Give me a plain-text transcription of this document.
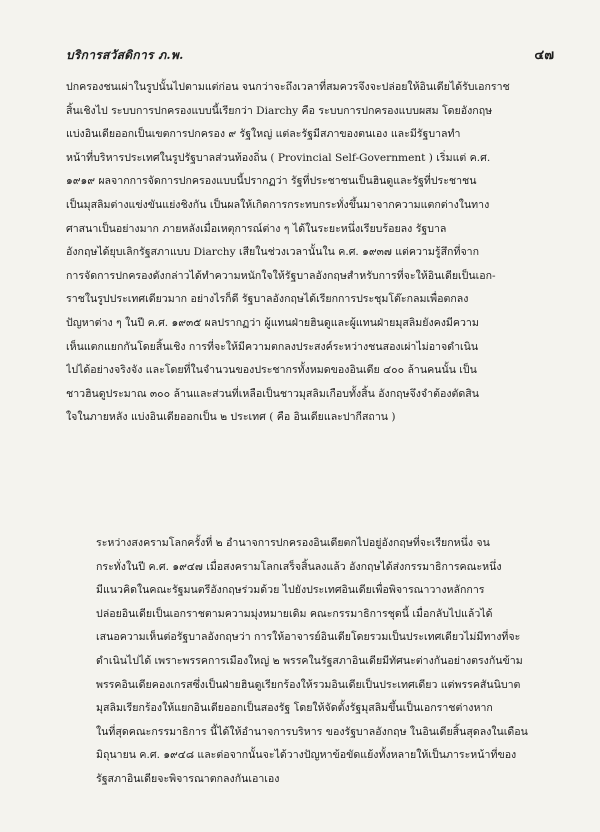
บริการสวัสดิการ ภ.พ.	๔๗

ปกครองชนเผ่าในรูปนั้นไปตามแต่ก่อน จนกว่าจะถึงเวลาที่สมควรจึงจะปล่อยให้อินเดียได้รับเอกราช
สิ้นเชิงไป ระบบการปกครองแบบนี้เรียกว่า Diarchy คือ ระบบการปกครองแบบผสม โดยอังกฤษ
แบ่งอินเดียออกเป็นเขตการปกครอง ๙ รัฐใหญ่ แต่ละรัฐมีสภาของตนเอง และมีรัฐบาลทำ
หน้าที่บริหารประเทศในรูปรัฐบาลส่วนท้องถิ่น ( Provincial Self-Government ) เริ่มแต่ ค.ศ.
๑๙๑๙ ผลจากการจัดการปกครองแบบนี้ปรากฏว่า รัฐที่ประชาชนเป็นฮินดูและรัฐที่ประชาชน
เป็นมุสลิมต่างแข่งขันแย่งชิงกัน เป็นผลให้เกิดการกระทบกระทั่งขึ้นมาจากความแตกต่างในทาง
ศาสนาเป็นอย่างมาก ภายหลังเมื่อเหตุการณ์ต่าง ๆ ได้ในระยะหนึ่งเรียบร้อยลง รัฐบาล
อังกฤษได้ยุบเลิกรัฐสภาแบบ Diarchy เสียในช่วงเวลานั้นใน ค.ศ. ๑๙๓๗ แต่ความรู้สึกที่จาก
การจัดการปกครองดังกล่าวได้ทำความหนักใจให้รัฐบาลอังกฤษสำหรับการที่จะให้อินเดียเป็นเอก-
ราชในรูปประเทศเดียวมาก อย่างไรก็ดี รัฐบาลอังกฤษได้เรียกการประชุมโต๊ะกลมเพื่อตกลง
ปัญหาต่าง ๆ ในปี ค.ศ. ๑๙๓๕ ผลปรากฏว่า ผู้แทนฝ่ายฮินดูและผู้แทนฝ่ายมุสลิมยังคงมีความ
เห็นแตกแยกกันโดยสิ้นเชิง การที่จะให้มีความตกลงประสงค์ระหว่างชนสองเผ่าไม่อาจดำเนิน
ไปได้อย่างจริงจัง และโดยที่ในจำนวนของประชากรทั้งหมดของอินเดีย ๔๐๐ ล้านคนนั้น เป็น
ชาวฮินดูประมาณ ๓๐๐ ล้านและส่วนที่เหลือเป็นชาวมุสลิมเกือบทั้งสิ้น อังกฤษจึงจำต้องตัดสิน
ใจในภายหลัง แบ่งอินเดียออกเป็น ๒ ประเทศ ( คือ อินเดียและปากีสถาน )

ระหว่างสงครามโลกครั้งที่ ๒ อำนาจการปกครองอินเดียตกไปอยู่อังกฤษที่จะเรียกหนึ่ง จน
กระทั่งในปี ค.ศ. ๑๙๔๗ เมื่อสงครามโลกเสร็จสิ้นลงแล้ว อังกฤษได้ส่งกรรมาธิการคณะหนึ่ง
มีแนวคิดในคณะรัฐมนตรีอังกฤษร่วมด้วย ไปยังประเทศอินเดียเพื่อพิจารณาวางหลักการ
ปล่อยอินเดียเป็นเอกราชตามความมุ่งหมายเดิม คณะกรรมาธิการชุดนี้ เมื่อกลับไปแล้วได้
เสนอความเห็นต่อรัฐบาลอังกฤษว่า การให้อาจารย์อินเดียโดยรวมเป็นประเทศเดียวไม่มีทางที่จะ
ดำเนินไปได้ เพราะพรรคการเมืองใหญ่ ๒ พรรคในรัฐสภาอินเดียมีทัศนะต่างกันอย่างตรงกันข้าม
พรรคอินเดียคองเกรสซึ่งเป็นฝ่ายฮินดูเรียกร้องให้รวมอินเดียเป็นประเทศเดียว แต่พรรคสันนิบาต
มุสลิมเรียกร้องให้แยกอินเดียออกเป็นสองรัฐ โดยให้จัดตั้งรัฐมุสลิมขึ้นเป็นเอกราชต่างหาก
ในที่สุดคณะกรรมาธิการ นี้ได้ให้อำนาจการบริหาร ของรัฐบาลอังกฤษ ในอินเดียสิ้นสุดลงในเดือน
มิถุนายน ค.ศ. ๑๙๔๘ และต่อจากนั้นจะได้วางปัญหาข้อขัดแย้งทั้งหลายให้เป็นภาระหน้าที่ของ
รัฐสภาอินเดียจะพิจารณาตกลงกันเอาเอง
